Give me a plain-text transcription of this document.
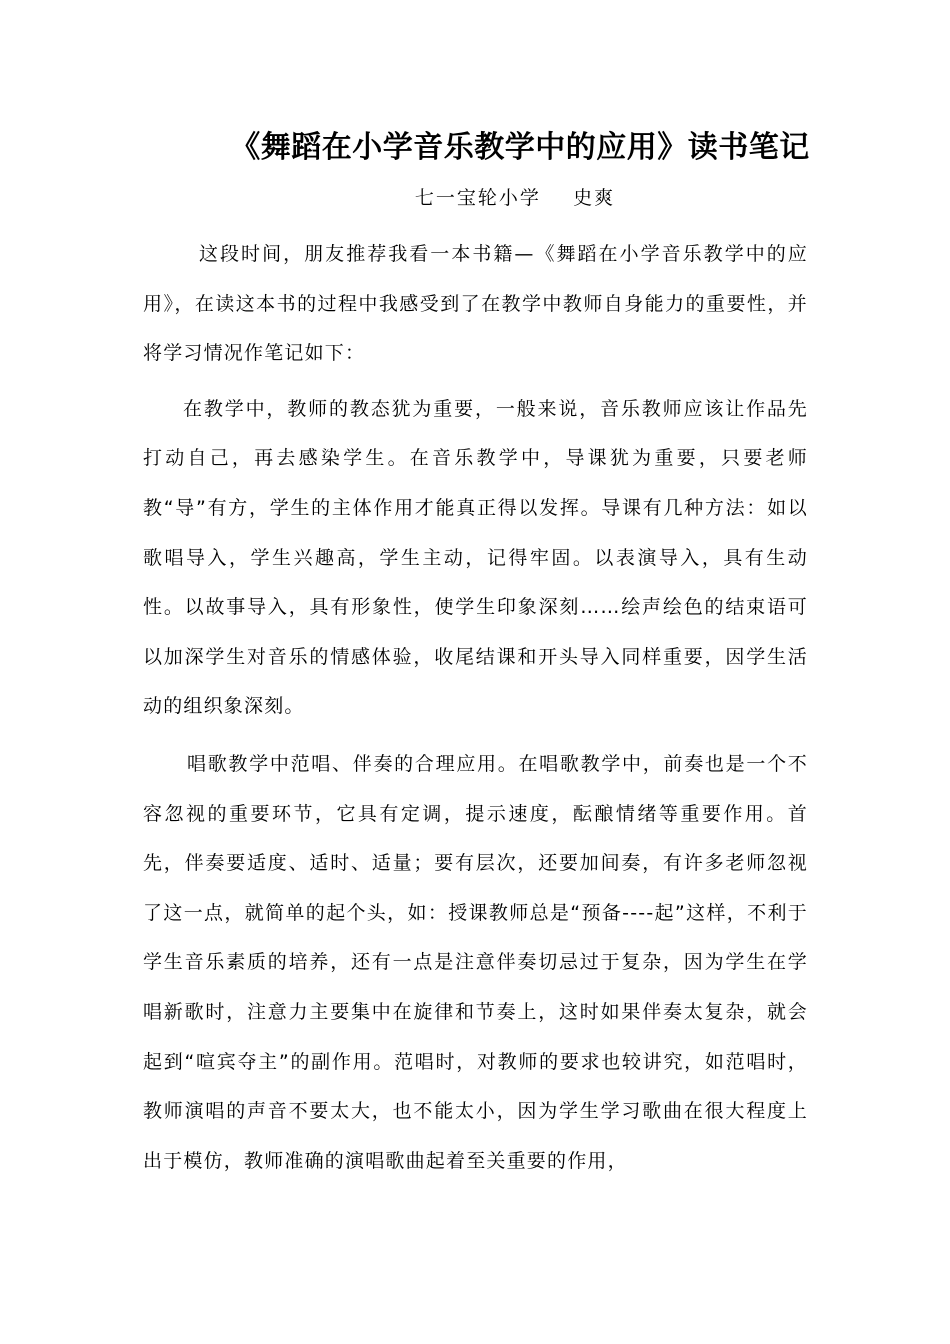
《舞蹈在小学音乐教学中的应用》读书笔记
七一宝轮小学    史爽

这段时间，朋友推荐我看一本书籍—《舞蹈在小学音乐教学中的应用》，在读这本书的过程中我感受到了在教学中教师自身能力的重要性，并将学习情况作笔记如下：

在教学中，教师的教态犹为重要，一般来说，音乐教师应该让作品先打动自己，再去感染学生。在音乐教学中，导课犹为重要，只要老师教“导”有方，学生的主体作用才能真正得以发挥。导课有几种方法：如以歌唱导入，学生兴趣高，学生主动，记得牢固。以表演导入，具有生动性。以故事导入，具有形象性，使学生印象深刻……绘声绘色的结束语可以加深学生对音乐的情感体验，收尾结课和开头导入同样重要，因学生活动的组织象深刻。

唱歌教学中范唱、伴奏的合理应用。在唱歌教学中，前奏也是一个不容忽视的重要环节，它具有定调，提示速度，酝酿情绪等重要作用。首先，伴奏要适度、适时、适量；要有层次，还要加间奏，有许多老师忽视了这一点，就简单的起个头，如：授课教师总是“预备----起”这样，不利于学生音乐素质的培养，还有一点是注意伴奏切忌过于复杂，因为学生在学唱新歌时，注意力主要集中在旋律和节奏上，这时如果伴奏太复杂，就会起到“喧宾夺主”的副作用。范唱时，对教师的要求也较讲究，如范唱时，教师演唱的声音不要太大，也不能太小，因为学生学习歌曲在很大程度上出于模仿，教师准确的演唱歌曲起着至关重要的作用，
